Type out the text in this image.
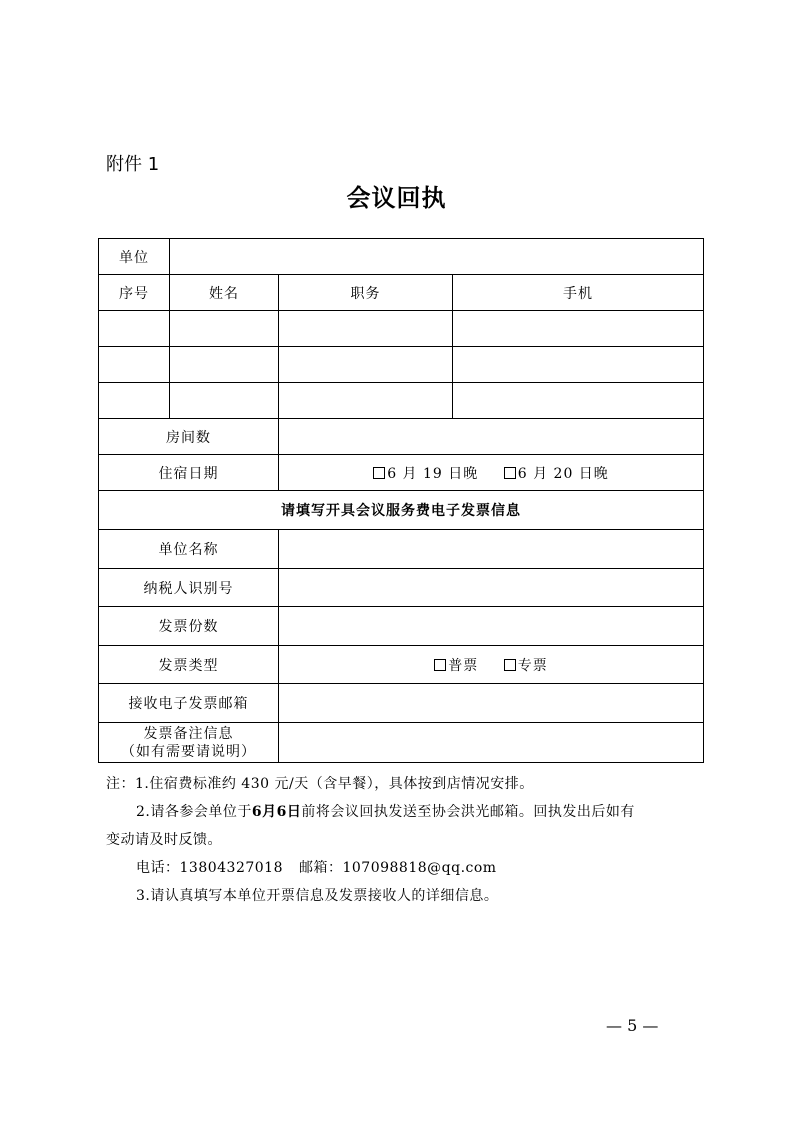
附件 1
会议回执
单位			
序号	姓名	职务	手机

房间数			
住宿日期		6 月 19 日晚 6 月 20 日晚	
请填写开具会议服务费电子发票信息			
单位名称			
纳税人识别号			
发票份数			
发票类型		普票 专票	
接收电子发票邮箱			

发票备注信息
（如有需要请说明）			

注：1.住宿费标准约 430 元/天（含早餐），具体按到店情况安排。

2.请各参会单位于6月6日前将会议回执发送至协会洪光邮箱。回执发出后如有

变动请及时反馈。

电话：13804327018 邮箱：107098818@qq.com

3.请认真填写本单位开票信息及发票接收人的详细信息。

— 5 —
